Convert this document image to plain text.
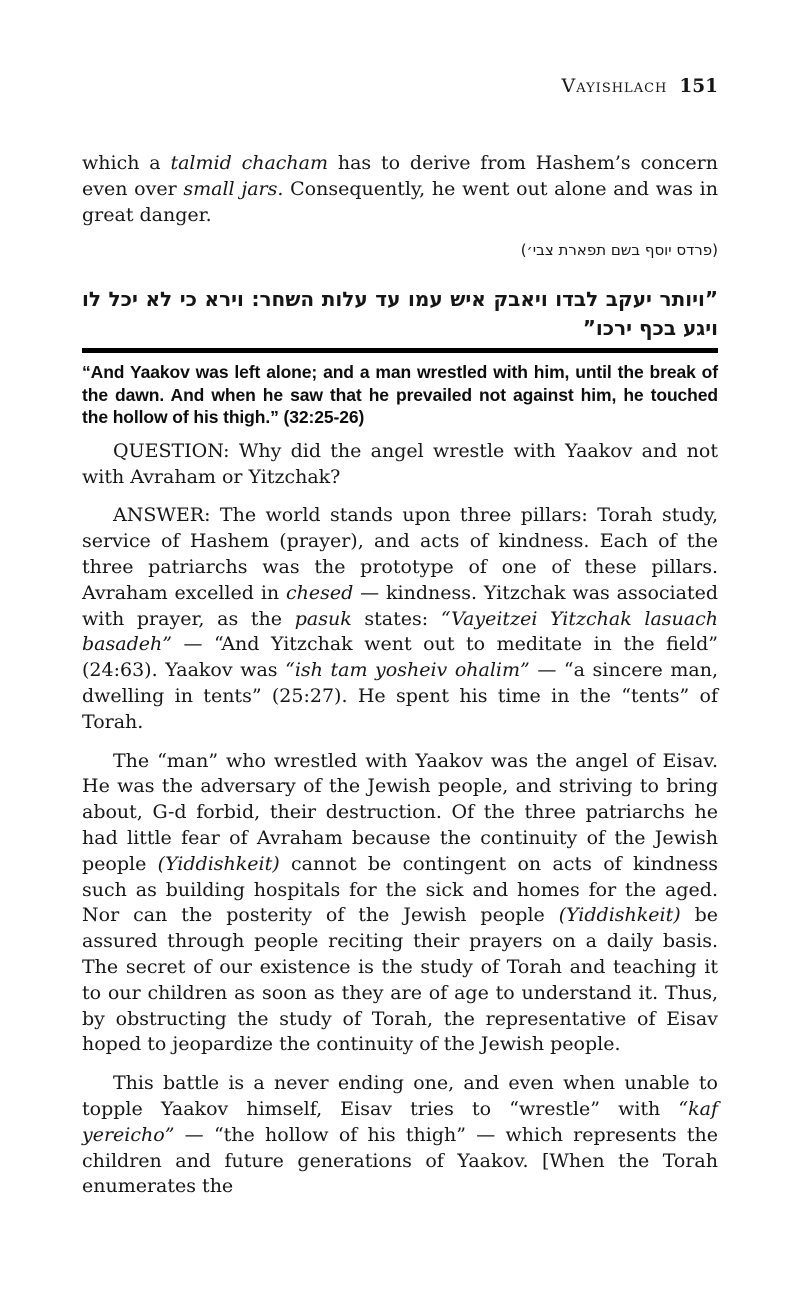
Vayishlach 151

which a talmid chacham has to derive from Hashem’s concern even over small jars. Consequently, he went out alone and was in great danger.

(פרדס יוסף בשם תפארת צבי׳)
”ויותר יעקב לבדו ויאבק איש עמו עד עלות השחר: וירא כי לא יכל לו ויגע בכף ירכו”
“And Yaakov was left alone; and a man wrestled with him, until the break of the dawn. And when he saw that he prevailed not against him, he touched the hollow of his thigh.” (32:25-26)

QUESTION: Why did the angel wrestle with Yaakov and not with Avraham or Yitzchak?

ANSWER: The world stands upon three pillars: Torah study, service of Hashem (prayer), and acts of kindness. Each of the three patriarchs was the prototype of one of these pillars. Avraham excelled in chesed — kindness. Yitzchak was associated with prayer, as the pasuk states: “Vayeitzei Yitzchak lasuach basadeh” — “And Yitzchak went out to meditate in the field” (24:63). Yaakov was “ish tam yosheiv ohalim” — “a sincere man, dwelling in tents” (25:27). He spent his time in the “tents” of Torah.

The “man” who wrestled with Yaakov was the angel of Eisav. He was the adversary of the Jewish people, and striving to bring about, G-d forbid, their destruction. Of the three patriarchs he had little fear of Avraham because the continuity of the Jewish people (Yiddishkeit) cannot be contingent on acts of kindness such as building hospitals for the sick and homes for the aged. Nor can the posterity of the Jewish people (Yiddishkeit) be assured through people reciting their prayers on a daily basis. The secret of our existence is the study of Torah and teaching it to our children as soon as they are of age to understand it. Thus, by obstructing the study of Torah, the representative of Eisav hoped to jeopardize the continuity of the Jewish people.

This battle is a never ending one, and even when unable to topple Yaakov himself, Eisav tries to “wrestle” with “kaf yereicho” — “the hollow of his thigh” — which represents the children and future generations of Yaakov. [When the Torah enumerates the
